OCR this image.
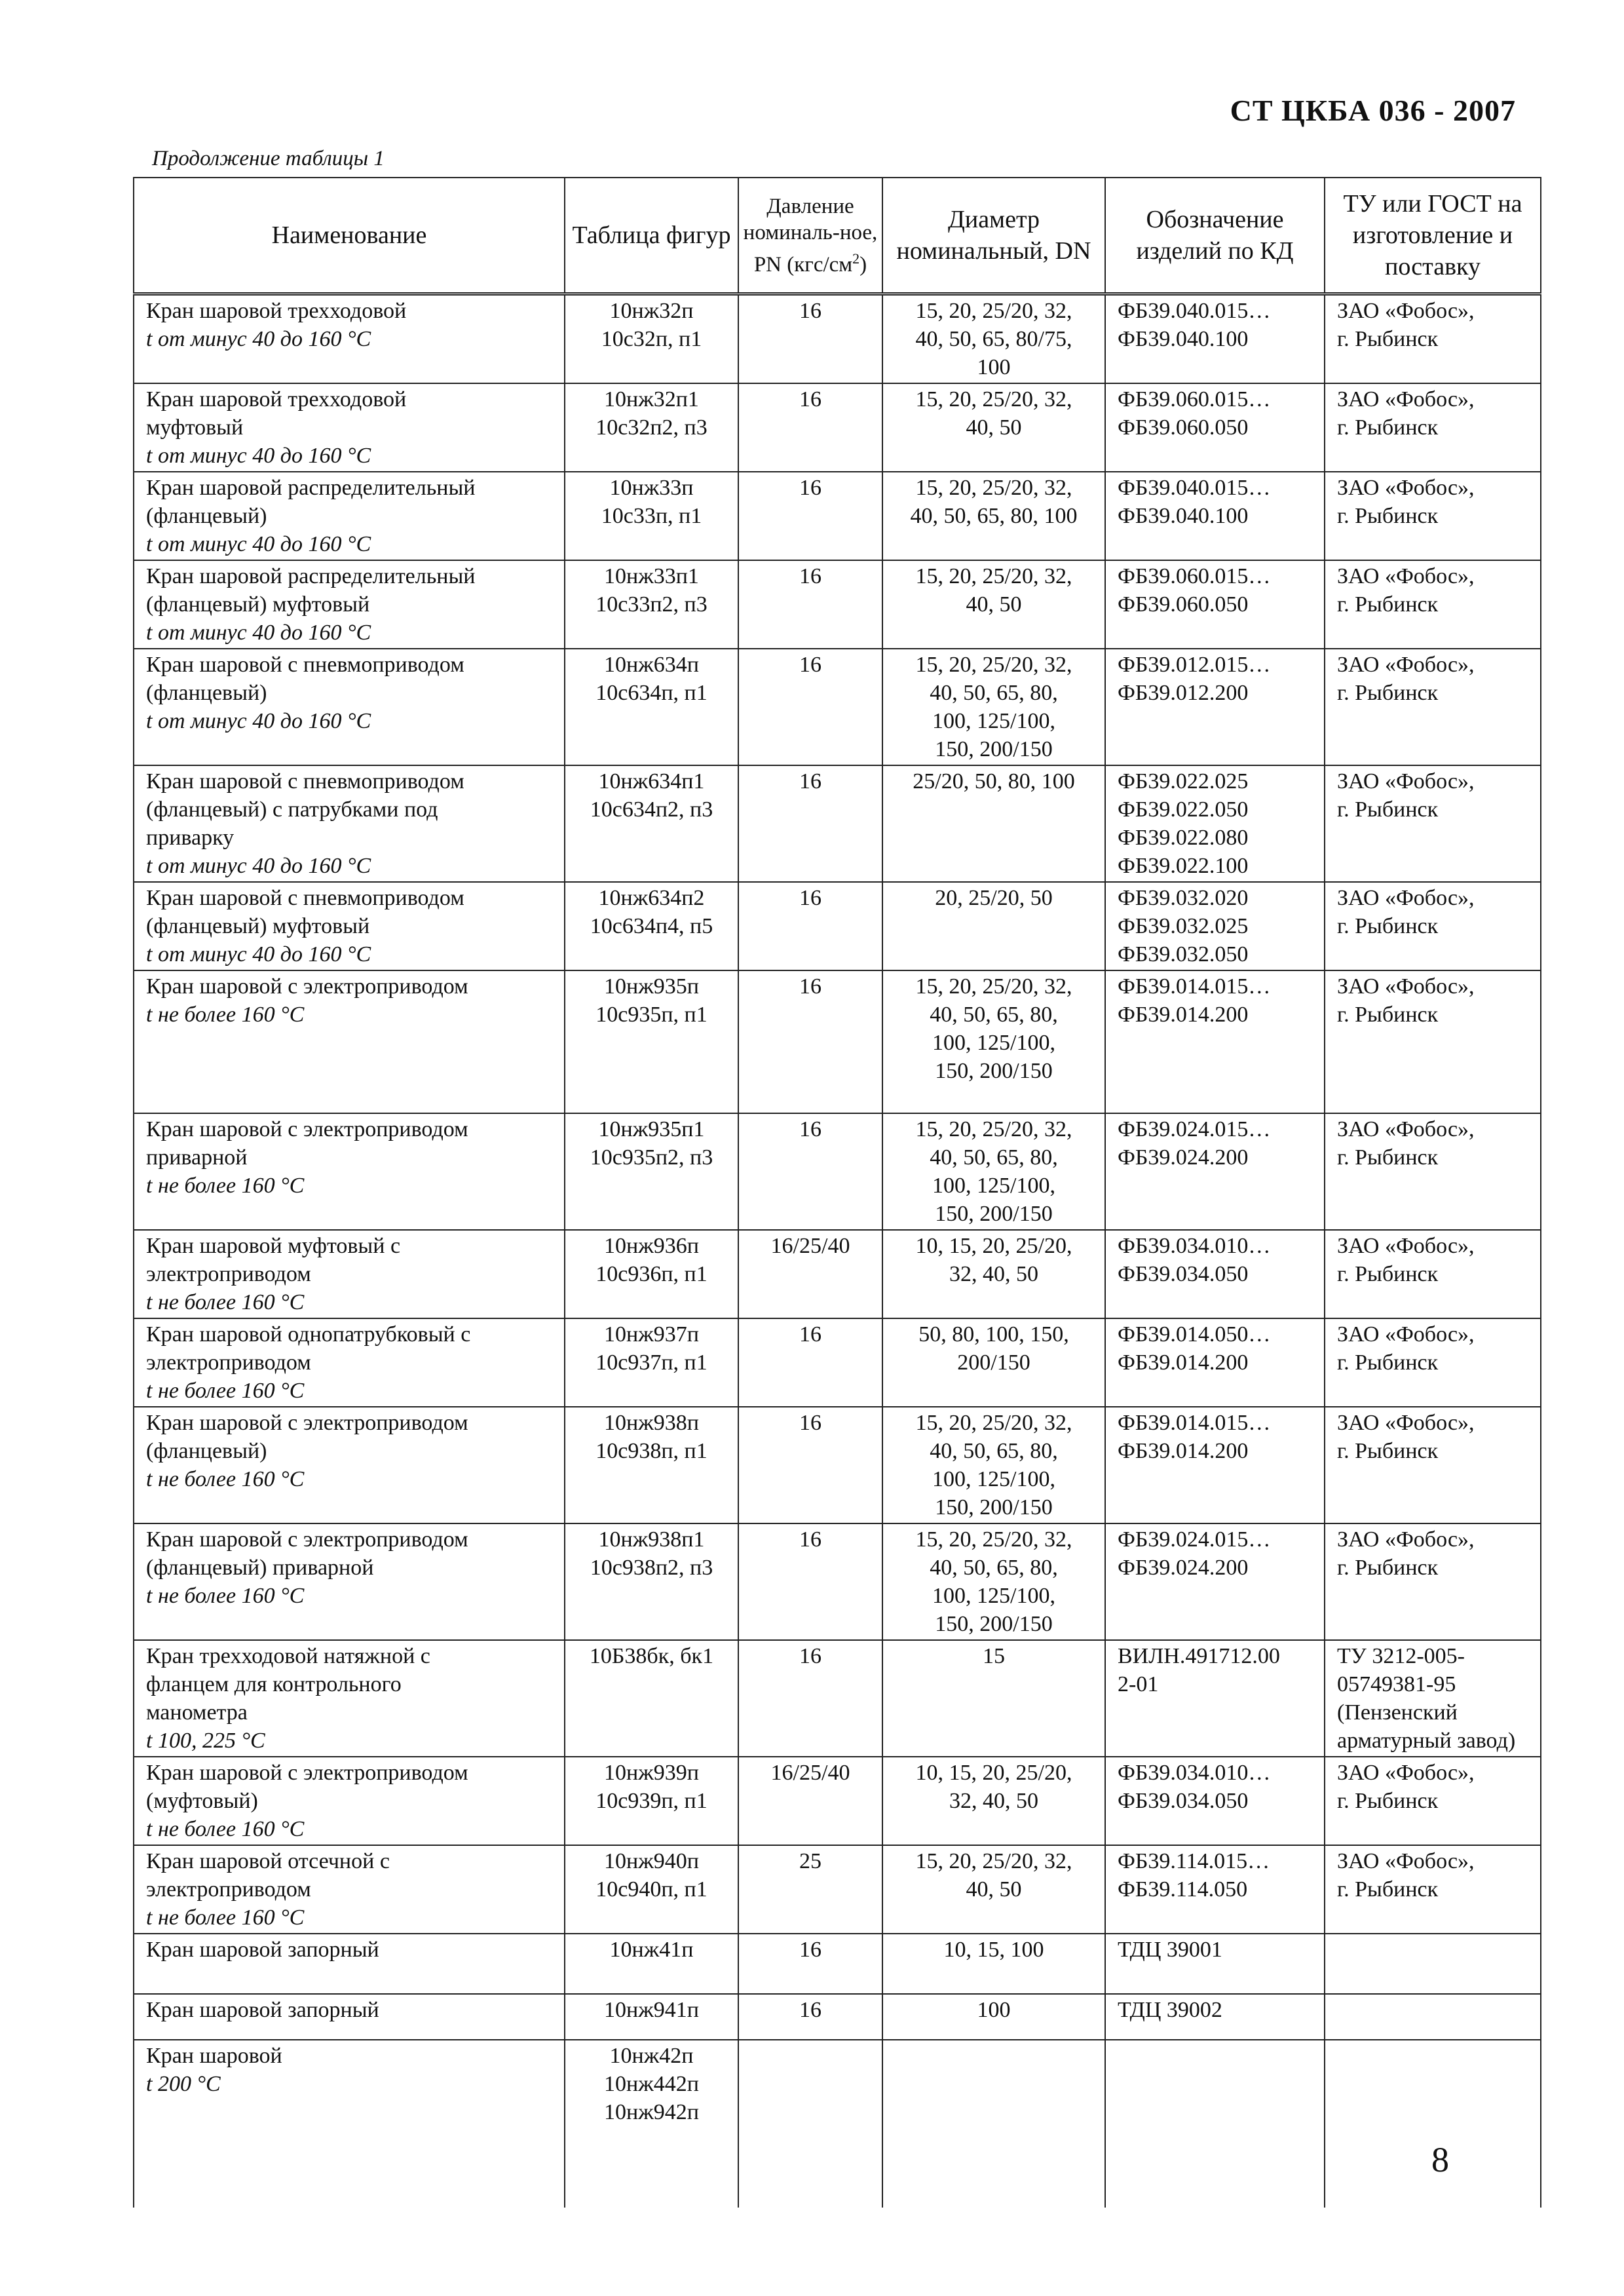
СТ ЦКБА 036 - 2007
Продолжение таблицы 1
Наименование	Таблица фигур	Давление номиналь-ное, PN $(кгс/см^2)$	Диаметр номинальный, DN	Обозначение изделий по КД	ТУ или ГОСТ на изготовление и поставку

Кран шаровой трехходовой
t от минус 40 до 160 °С	10нж32п
10с32п, п1	16	15, 20, 25/20, 32,
40, 50, 65, 80/75,
100	ФБ39.040.015…
ФБ39.040.100	ЗАО «Фобос»,
г. Рыбинск

Кран шаровой трехходовой
муфтовый
t от минус 40 до 160 °С	10нж32п1
10с32п2, п3	16	15, 20, 25/20, 32,
40, 50	ФБ39.060.015…
ФБ39.060.050	ЗАО «Фобос»,
г. Рыбинск

Кран шаровой распределительный
(фланцевый)
t от минус 40 до 160 °С	10нж33п
10с33п, п1	16	15, 20, 25/20, 32,
40, 50, 65, 80, 100	ФБ39.040.015…
ФБ39.040.100	ЗАО «Фобос»,
г. Рыбинск

Кран шаровой распределительный
(фланцевый) муфтовый
t от минус 40 до 160 °С	10нж33п1
10с33п2, п3	16	15, 20, 25/20, 32,
40, 50	ФБ39.060.015…
ФБ39.060.050	ЗАО «Фобос»,
г. Рыбинск

Кран шаровой с пневмоприводом
(фланцевый)
t от минус 40 до 160 °С	10нж634п
10с634п, п1	16	15, 20, 25/20, 32,
40, 50, 65, 80,
100, 125/100,
150, 200/150	ФБ39.012.015…
ФБ39.012.200	ЗАО «Фобос»,
г. Рыбинск

Кран шаровой с пневмоприводом
(фланцевый) с патрубками под
приварку
t от минус 40 до 160 °С	10нж634п1
10с634п2, п3	16	25/20, 50, 80, 100	ФБ39.022.025
ФБ39.022.050
ФБ39.022.080
ФБ39.022.100	ЗАО «Фобос»,
г. Рыбинск

Кран шаровой с пневмоприводом
(фланцевый) муфтовый
t от минус 40 до 160 °С	10нж634п2
10с634п4, п5	16	20, 25/20, 50	ФБ39.032.020
ФБ39.032.025
ФБ39.032.050	ЗАО «Фобос»,
г. Рыбинск

Кран шаровой с электроприводом
t не более 160 °С	10нж935п
10с935п, п1	16	15, 20, 25/20, 32,
40, 50, 65, 80,
100, 125/100,
150, 200/150	ФБ39.014.015…
ФБ39.014.200	ЗАО «Фобос»,
г. Рыбинск

Кран шаровой с электроприводом
приварной
t не более 160 °С	10нж935п1
10с935п2, п3	16	15, 20, 25/20, 32,
40, 50, 65, 80,
100, 125/100,
150, 200/150	ФБ39.024.015…
ФБ39.024.200	ЗАО «Фобос»,
г. Рыбинск

Кран шаровой муфтовый с
электроприводом
t не более 160 °С	10нж936п
10с936п, п1	16/25/40	10, 15, 20, 25/20,
32, 40, 50	ФБ39.034.010…
ФБ39.034.050	ЗАО «Фобос»,
г. Рыбинск

Кран шаровой однопатрубковый с
электроприводом
t не более 160 °С	10нж937п
10с937п, п1	16	50, 80, 100, 150,
200/150	ФБ39.014.050…
ФБ39.014.200	ЗАО «Фобос»,
г. Рыбинск

Кран шаровой с электроприводом
(фланцевый)
t не более 160 °С	10нж938п
10с938п, п1	16	15, 20, 25/20, 32,
40, 50, 65, 80,
100, 125/100,
150, 200/150	ФБ39.014.015…
ФБ39.014.200	ЗАО «Фобос»,
г. Рыбинск

Кран шаровой с электроприводом
(фланцевый) приварной
t не более 160 °С	10нж938п1
10с938п2, п3	16	15, 20, 25/20, 32,
40, 50, 65, 80,
100, 125/100,
150, 200/150	ФБ39.024.015…
ФБ39.024.200	ЗАО «Фобос»,
г. Рыбинск

Кран трехходовой натяжной с
фланцем для контрольного
манометра
t 100, 225 °С	10Б38бк, бк1	16	15	ВИЛН.491712.00
2-01	ТУ 3212-005-
05749381-95
(Пензенский
арматурный завод)

Кран шаровой с электроприводом
(муфтовый)
t не более 160 °С	10нж939п
10с939п, п1	16/25/40	10, 15, 20, 25/20,
32, 40, 50	ФБ39.034.010…
ФБ39.034.050	ЗАО «Фобос»,
г. Рыбинск

Кран шаровой отсечной с
электроприводом
t не более 160 °С	10нж940п
10с940п, п1	25	15, 20, 25/20, 32,
40, 50	ФБ39.114.015…
ФБ39.114.050	ЗАО «Фобос»,
г. Рыбинск

Кран шаровой запорный	10нж41п	16	10, 15, 100	ТДЦ 39001	

Кран шаровой запорный	10нж941п	16	100	ТДЦ 39002	

Кран шаровой
t 200 °С	10нж42п
10нж442п
10нж942п				

8
